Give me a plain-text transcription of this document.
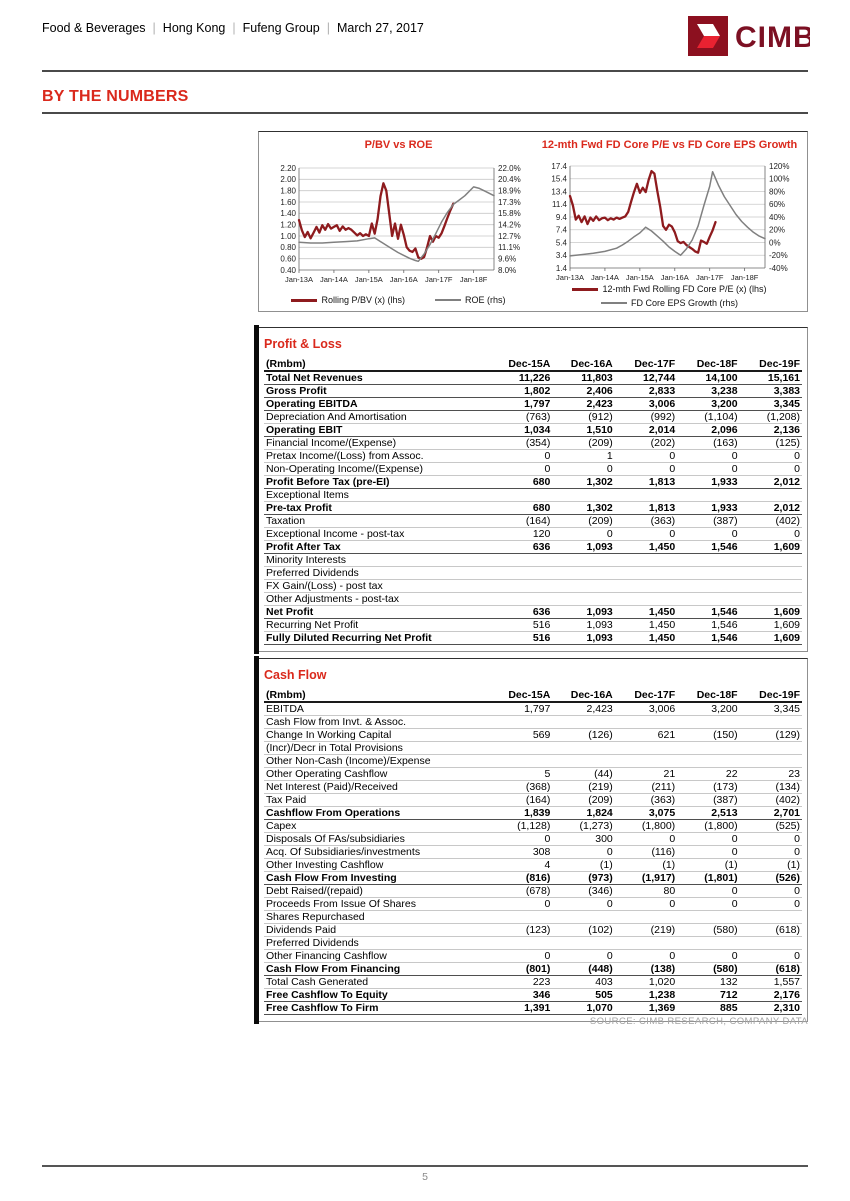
Food & Beverages | Hong Kong | Fufeng Group | March 27, 2017	CIMB
BY THE NUMBERS
P/BV vs ROE
2.20	22.0%
2.00	20.4%
1.80	18.9%
1.60	17.3%
1.40	15.8%
1.20	14.2%
1.00	12.7%
0.80	11.1%
0.60	9.6%
0.40	8.0%
Jan-13A Jan-14A Jan-15A Jan-16A Jan-17F Jan-18F
Rolling P/BV (x) (lhs)	ROE (rhs)
12-mth Fwd FD Core P/E vs FD Core EPS Growth
17.4	120%
15.4	100%
13.4	80%
11.4	60%
9.4	40%
7.4	20%
5.4	0%
3.4	-20%
1.4	-40%
Jan-13A Jan-14A Jan-15A Jan-16A Jan-17F Jan-18F
12-mth Fwd Rolling FD Core P/E (x) (lhs)
FD Core EPS Growth (rhs)
Profit & Loss
(Rmbm)	Dec-15A	Dec-16A	Dec-17F	Dec-18F	Dec-19F
Total Net Revenues	11,226	11,803	12,744	14,100	15,161
Gross Profit	1,802	2,406	2,833	3,238	3,383
Operating EBITDA	1,797	2,423	3,006	3,200	3,345
Depreciation And Amortisation	(763)	(912)	(992)	(1,104)	(1,208)
Operating EBIT	1,034	1,510	2,014	2,096	2,136
Financial Income/(Expense)	(354)	(209)	(202)	(163)	(125)
Pretax Income/(Loss) from Assoc.	0	1	0	0	0
Non-Operating Income/(Expense)	0	0	0	0	0
Profit Before Tax (pre-EI)	680	1,302	1,813	1,933	2,012
Exceptional Items					
Pre-tax Profit	680	1,302	1,813	1,933	2,012
Taxation	(164)	(209)	(363)	(387)	(402)
Exceptional Income - post-tax	120	0	0	0	0
Profit After Tax	636	1,093	1,450	1,546	1,609
Minority Interests					
Preferred Dividends					
FX Gain/(Loss) - post tax					
Other Adjustments - post-tax					
Net Profit	636	1,093	1,450	1,546	1,609
Recurring Net Profit	516	1,093	1,450	1,546	1,609
Fully Diluted Recurring Net Profit	516	1,093	1,450	1,546	1,609
Cash Flow
(Rmbm)	Dec-15A	Dec-16A	Dec-17F	Dec-18F	Dec-19F
EBITDA	1,797	2,423	3,006	3,200	3,345
Cash Flow from Invt. & Assoc.					
Change In Working Capital	569	(126)	621	(150)	(129)
(Incr)/Decr in Total Provisions					
Other Non-Cash (Income)/Expense					
Other Operating Cashflow	5	(44)	21	22	23
Net Interest (Paid)/Received	(368)	(219)	(211)	(173)	(134)
Tax Paid	(164)	(209)	(363)	(387)	(402)
Cashflow From Operations	1,839	1,824	3,075	2,513	2,701
Capex	(1,128)	(1,273)	(1,800)	(1,800)	(525)
Disposals Of FAs/subsidiaries	0	300	0	0	0
Acq. Of Subsidiaries/investments	308	0	(116)	0	0
Other Investing Cashflow	4	(1)	(1)	(1)	(1)
Cash Flow From Investing	(816)	(973)	(1,917)	(1,801)	(526)
Debt Raised/(repaid)	(678)	(346)	80	0	0
Proceeds From Issue Of Shares	0	0	0	0	0
Shares Repurchased					
Dividends Paid	(123)	(102)	(219)	(580)	(618)
Preferred Dividends					
Other Financing Cashflow	0	0	0	0	0
Cash Flow From Financing	(801)	(448)	(138)	(580)	(618)
Total Cash Generated	223	403	1,020	132	1,557
Free Cashflow To Equity	346	505	1,238	712	2,176
Free Cashflow To Firm	1,391	1,070	1,369	885	2,310
SOURCE: CIMB RESEARCH, COMPANY DATA
5
